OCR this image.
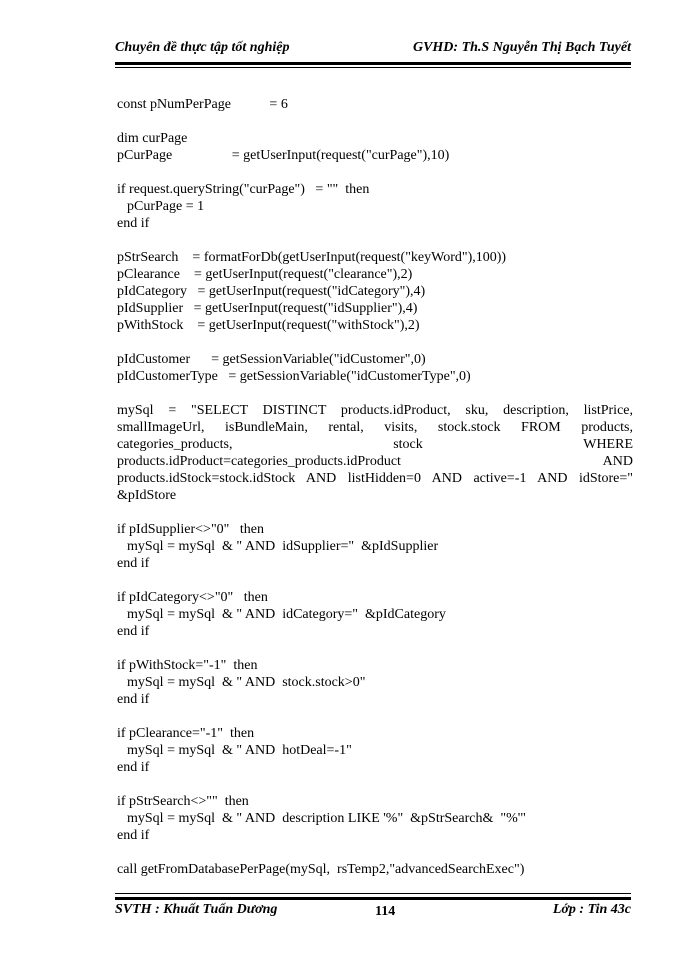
Chuyên đề thực tập tốt nghiệp	GVHD: Th.S Nguyễn Thị Bạch Tuyết
const pNumPerPage           = 6
dim curPage
pCurPage                 = getUserInput(request("curPage"),10)
if request.queryString("curPage")   = ""  then
pCurPage = 1
end if
pStrSearch    = formatForDb(getUserInput(request("keyWord"),100))
pClearance    = getUserInput(request("clearance"),2)
pIdCategory   = getUserInput(request("idCategory"),4)
pIdSupplier   = getUserInput(request("idSupplier"),4)
pWithStock    = getUserInput(request("withStock"),2)
pIdCustomer      = getSessionVariable("idCustomer",0)
pIdCustomerType   = getSessionVariable("idCustomerType",0)
mySql = "SELECT DISTINCT products.idProduct, sku, description, listPrice,
smallImageUrl, isBundleMain, rental, visits, stock.stock FROM products,
categories_products, stock WHERE
products.idProduct=categories_products.idProduct AND
products.idStock=stock.idStock AND listHidden=0 AND active=-1 AND idStore="
&pIdStore
if pIdSupplier<>"0"   then
mySql = mySql  & " AND  idSupplier="  &pIdSupplier
end if
if pIdCategory<>"0"   then
mySql = mySql  & " AND  idCategory="  &pIdCategory
end if
if pWithStock="-1"  then
mySql = mySql  & " AND  stock.stock>0"
end if
if pClearance="-1"  then
mySql = mySql  & " AND  hotDeal=-1"
end if
if pStrSearch<>""  then
mySql = mySql  & " AND  description LIKE '%"  &pStrSearch&  "%'"
end if
call getFromDatabasePerPage(mySql,  rsTemp2,"advancedSearchExec")
SVTH : Khuất Tuấn Dương	114	Lớp : Tin 43c
